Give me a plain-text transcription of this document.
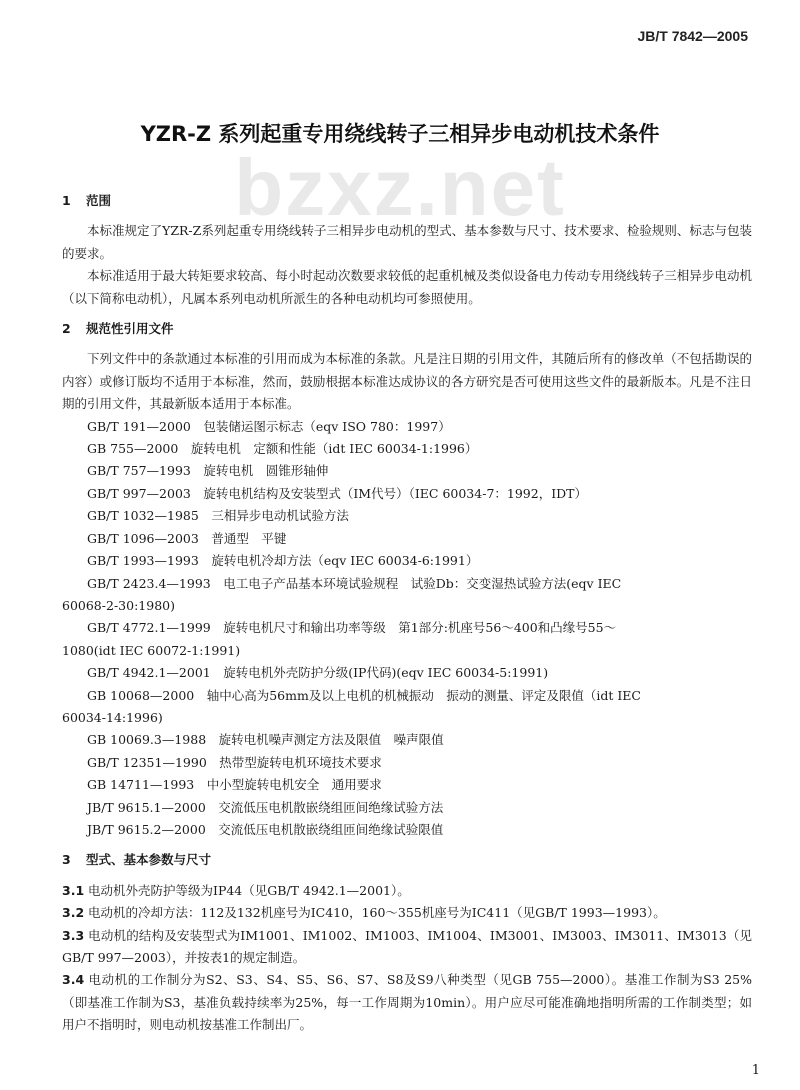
JB/T 7842—2005
bzxz.net
YZR-Z 系列起重专用绕线转子三相异步电动机技术条件

1 范围

本标准规定了YZR-Z系列起重专用绕线转子三相异步电动机的型式、基本参数与尺寸、技术要求、检验规则、标志与包装的要求。

本标准适用于最大转矩要求较高、每小时起动次数要求较低的起重机械及类似设备电力传动专用绕线转子三相异步电动机（以下简称电动机），凡属本系列电动机所派生的各种电动机均可参照使用。

2 规范性引用文件

下列文件中的条款通过本标准的引用而成为本标准的条款。凡是注日期的引用文件，其随后所有的修改单（不包括勘误的内容）或修订版均不适用于本标准，然而，鼓励根据本标准达成协议的各方研究是否可使用这些文件的最新版本。凡是不注日期的引用文件，其最新版本适用于本标准。

GB/T 191—2000　包装储运图示标志（eqv ISO 780：1997）

GB 755—2000　旋转电机　定额和性能（idt IEC 60034-1:1996）

GB/T 757—1993　旋转电机　圆锥形轴伸

GB/T 997—2003　旋转电机结构及安装型式（IM代号）（IEC 60034-7：1992，IDT）

GB/T 1032—1985　三相异步电动机试验方法

GB/T 1096—2003　普通型　平键

GB/T 1993—1993　旋转电机冷却方法（eqv IEC 60034-6:1991）

GB/T 2423.4—1993　电工电子产品基本环境试验规程　试验Db：交变湿热试验方法(eqv IEC
60068-2-30:1980)

GB/T 4772.1—1999　旋转电机尺寸和输出功率等级　第1部分:机座号56～400和凸缘号55～
1080(idt IEC 60072-1:1991)

GB/T 4942.1—2001　旋转电机外壳防护分级(IP代码)(eqv IEC 60034-5:1991)

GB 10068—2000　轴中心高为56mm及以上电机的机械振动　振动的测量、评定及限值（idt IEC
60034-14:1996)

GB 10069.3—1988　旋转电机噪声测定方法及限值　噪声限值

GB/T 12351—1990　热带型旋转电机环境技术要求

GB 14711—1993　中小型旋转电机安全　通用要求

JB/T 9615.1—2000　交流低压电机散嵌绕组匝间绝缘试验方法

JB/T 9615.2—2000　交流低压电机散嵌绕组匝间绝缘试验限值

3 型式、基本参数与尺寸

3.1 电动机外壳防护等级为IP44（见GB/T 4942.1—2001）。

3.2 电动机的冷却方法：112及132机座号为IC410，160～355机座号为IC411（见GB/T 1993—1993）。

3.3 电动机的结构及安装型式为IM1001、IM1002、IM1003、IM1004、IM3001、IM3003、IM3011、IM3013（见GB/T 997—2003），并按表1的规定制造。

3.4 电动机的工作制分为S2、S3、S4、S5、S6、S7、S8及S9八种类型（见GB 755—2000）。基准工作制为S3 25%（即基准工作制为S3，基准负载持续率为25%，每一工作周期为10min）。用户应尽可能准确地指明所需的工作制类型；如用户不指明时，则电动机按基准工作制出厂。

1
